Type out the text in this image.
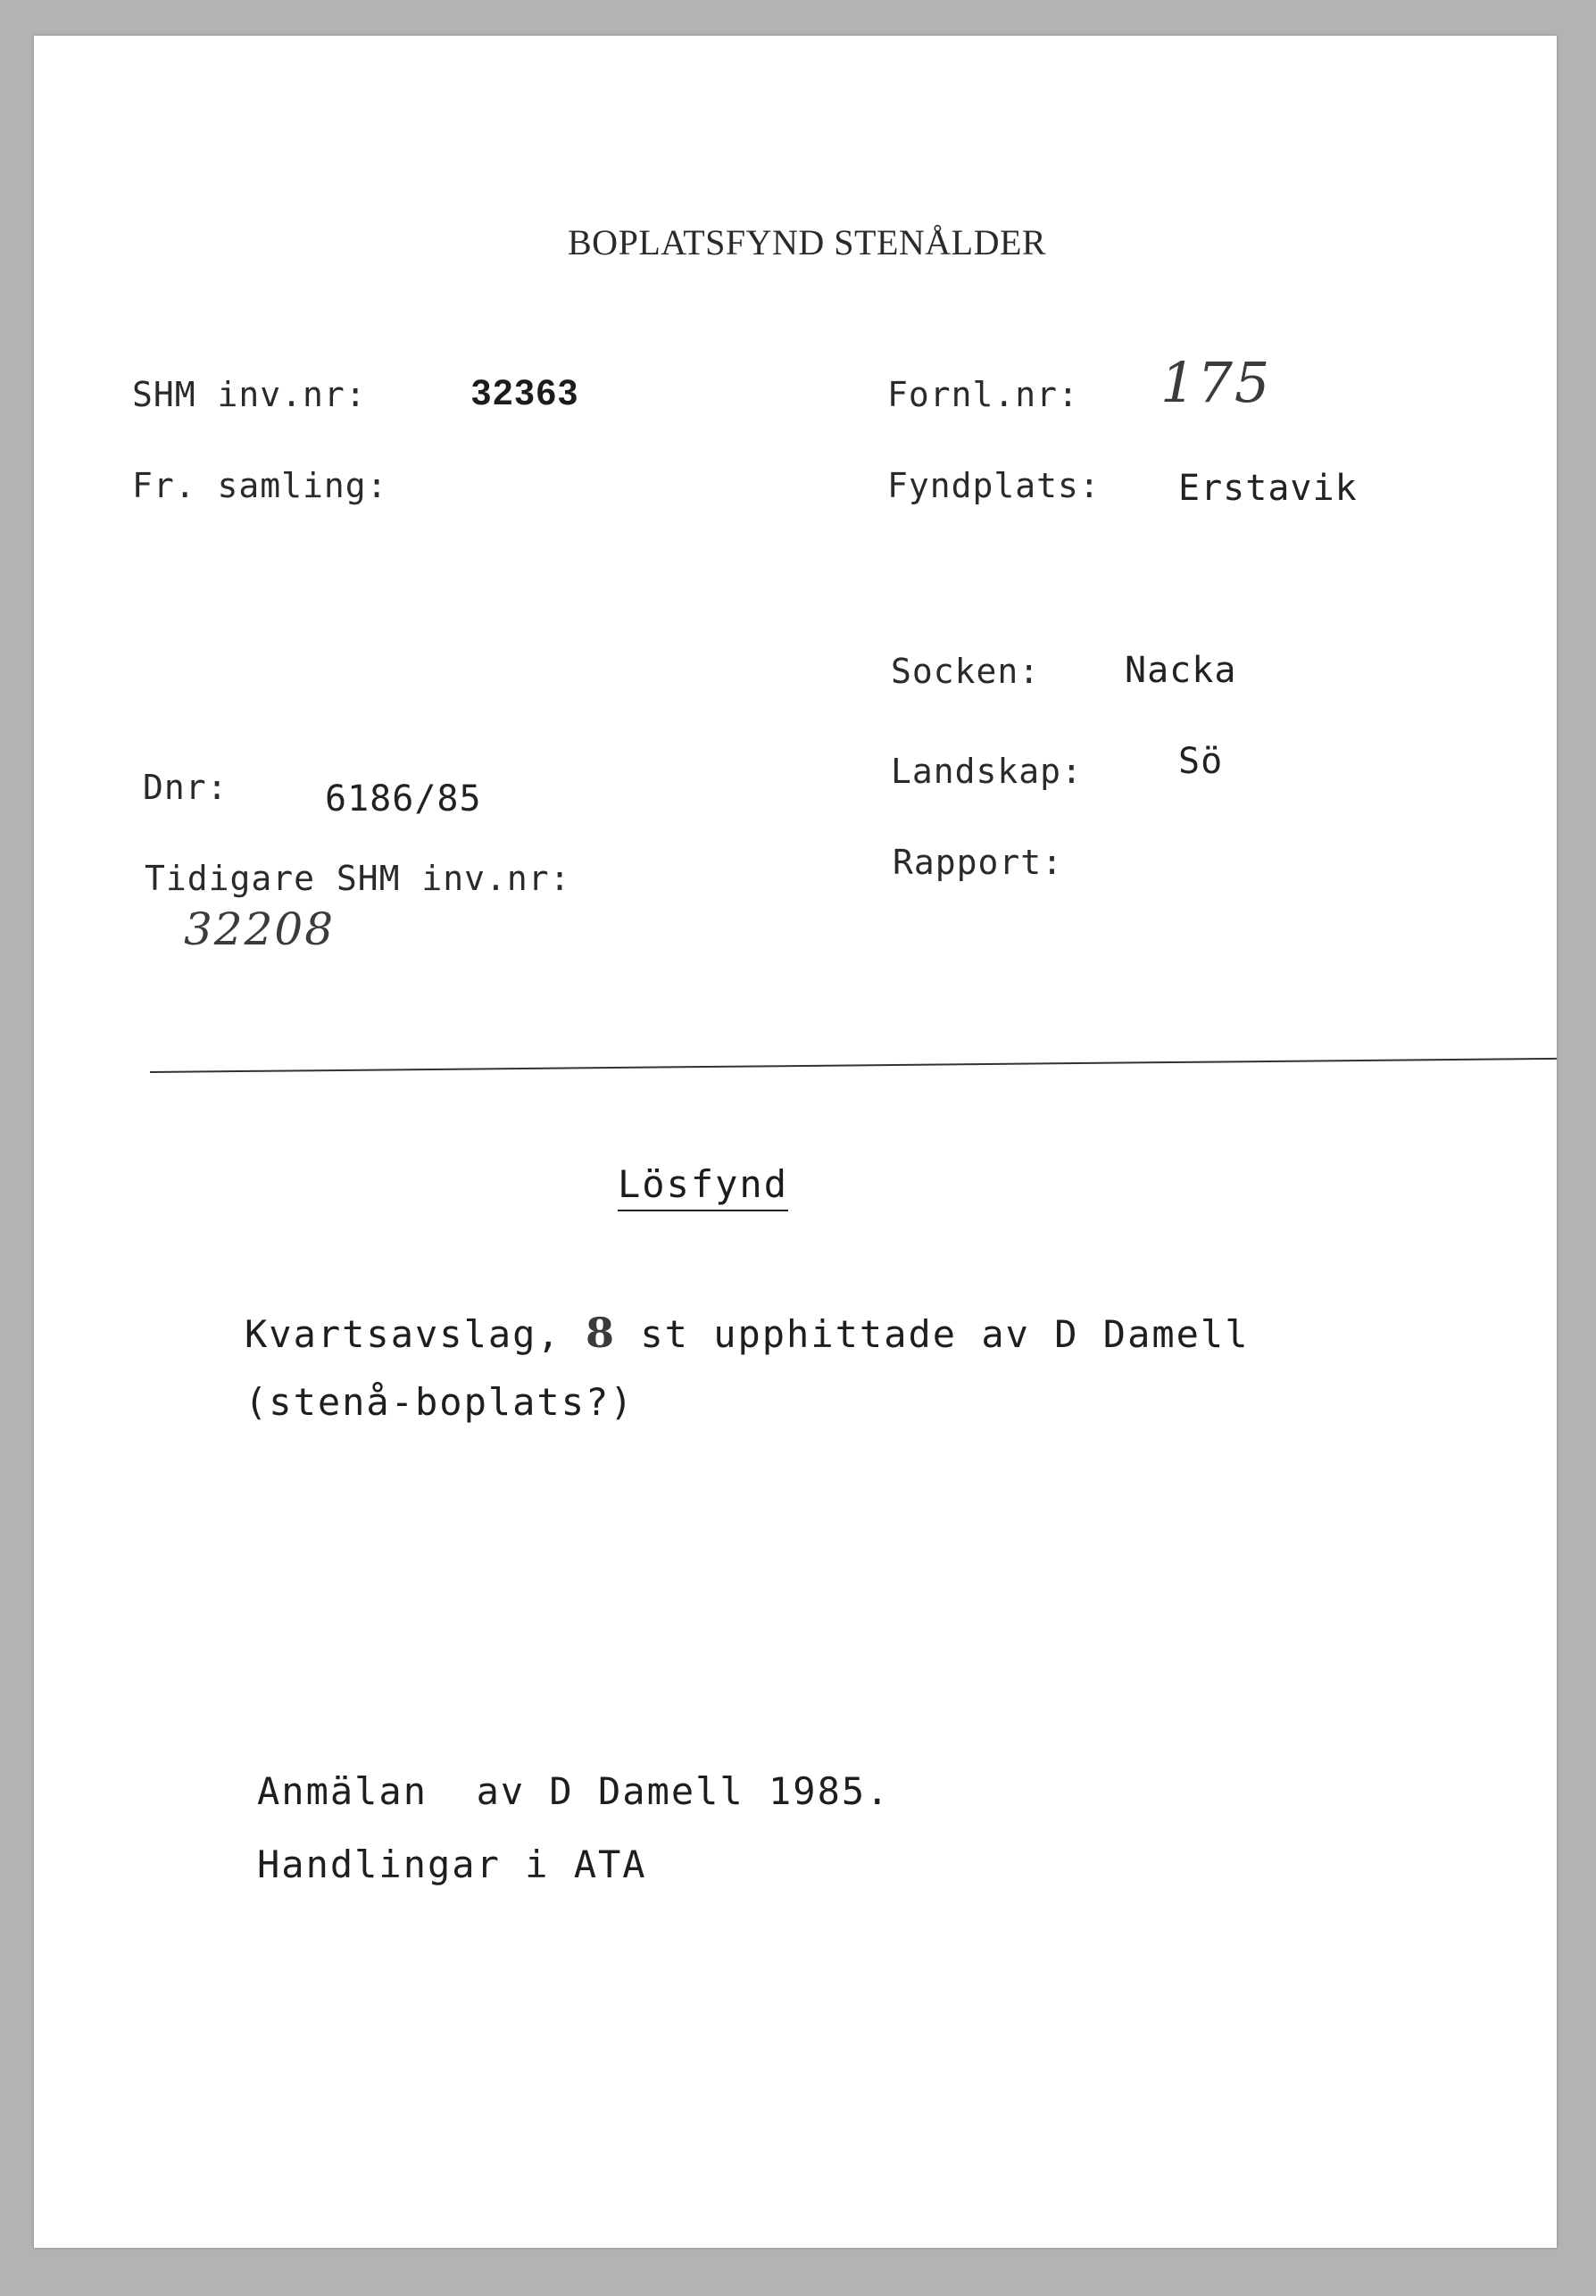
BOPLATSFYND STENÅLDER
SHM inv.nr:	32363
Fr. samling:
Dnr:	6186/85
Tidigare SHM inv.nr:
32208
Fornl.nr: 175
Fyndplats: Erstavik
Socken: Nacka
Landskap:	Sö
Rapport:
Lösfynd
Kvartsavslag, 8 st upphittade av D Damell
(stenå-boplats?)
Anmälan  av D Damell 1985.
Handlingar i ATA
